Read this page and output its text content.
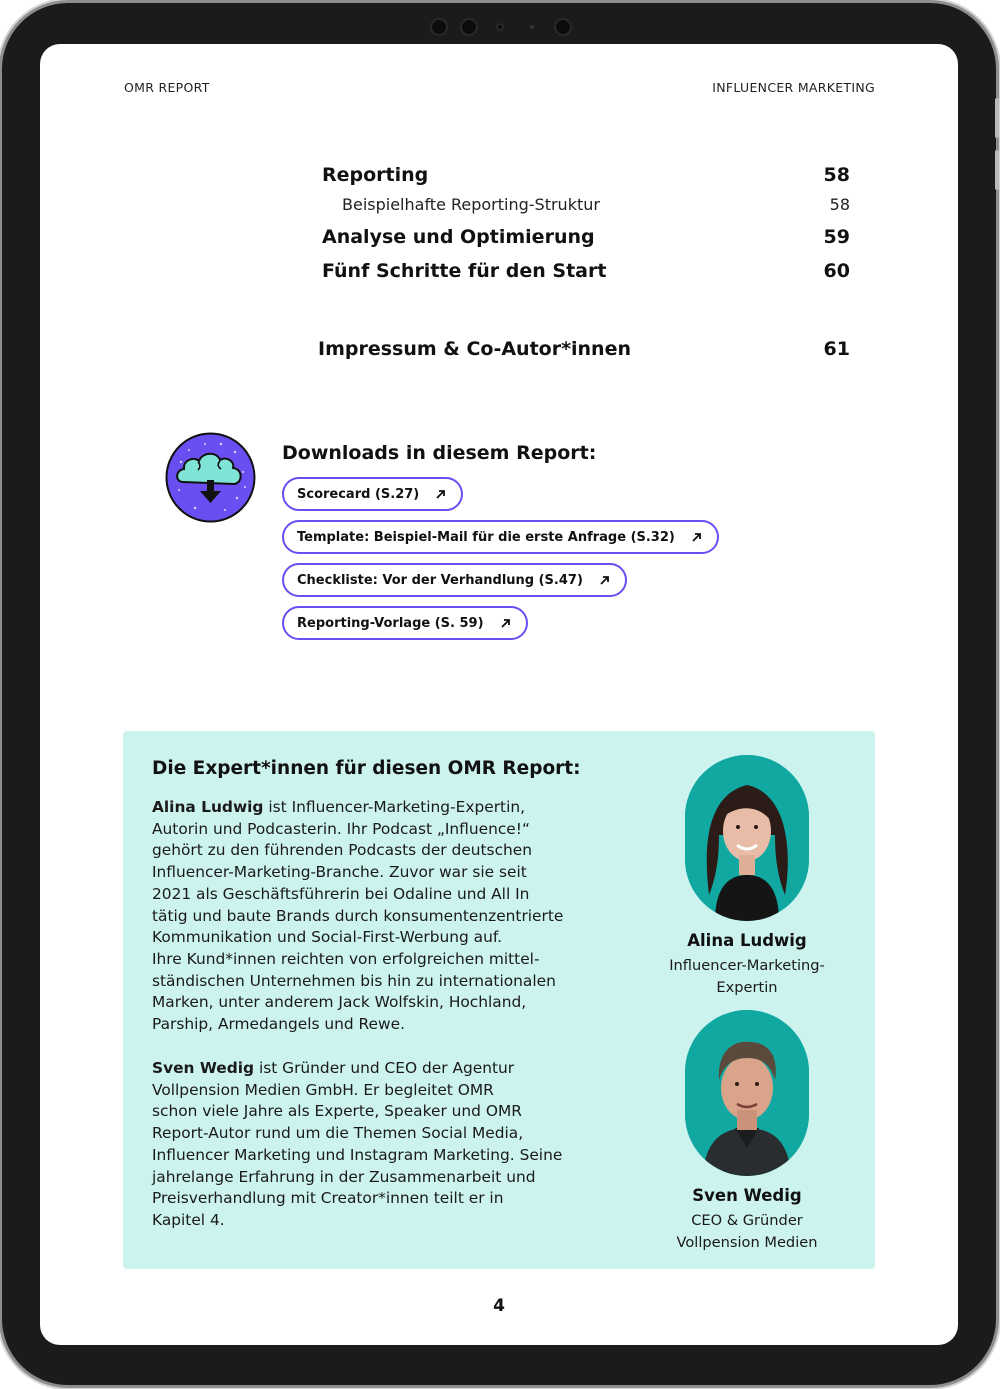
OMR REPORT	INFLUENCER MARKETING
Reporting	58
Beispielhafte Reporting-Struktur	58
Analyse und Optimierung	59
Fünf Schritte für den Start	60
Impressum & Co-Autor*innen	61
Downloads in diesem Report:
Scorecard (S.27)
Template: Beispiel-Mail für die erste Anfrage (S.32)
Checkliste: Vor der Verhandlung (S.47)
Reporting-Vorlage (S. 59)
Die Expert*innen für diesen OMR Report:
Alina Ludwig ist Influencer-Marketing-Expertin,
Autorin und Podcasterin. Ihr Podcast „Influence!“
gehört zu den führenden Podcasts der deutschen
Influencer-Marketing-Branche. Zuvor war sie seit
2021 als Geschäftsführerin bei Odaline und All In
tätig und baute Brands durch konsumentenzentrierte
Kommunikation und Social-First-Werbung auf.
Ihre Kund*innen reichten von erfolgreichen mittel-
ständischen Unternehmen bis hin zu internationalen
Marken, unter anderem Jack Wolfskin, Hochland,
Parship, Armedangels und Rewe.
Sven Wedig ist Gründer und CEO der Agentur
Vollpension Medien GmbH. Er begleitet OMR
schon viele Jahre als Experte, Speaker und OMR
Report-Autor rund um die Themen Social Media,
Influencer Marketing und Instagram Marketing. Seine
jahrelange Erfahrung in der Zusammenarbeit und
Preisverhandlung mit Creator*innen teilt er in
Kapitel 4.
Alina Ludwig
Influencer-Marketing-
Expertin
Sven Wedig
CEO & Gründer
Vollpension Medien
4
